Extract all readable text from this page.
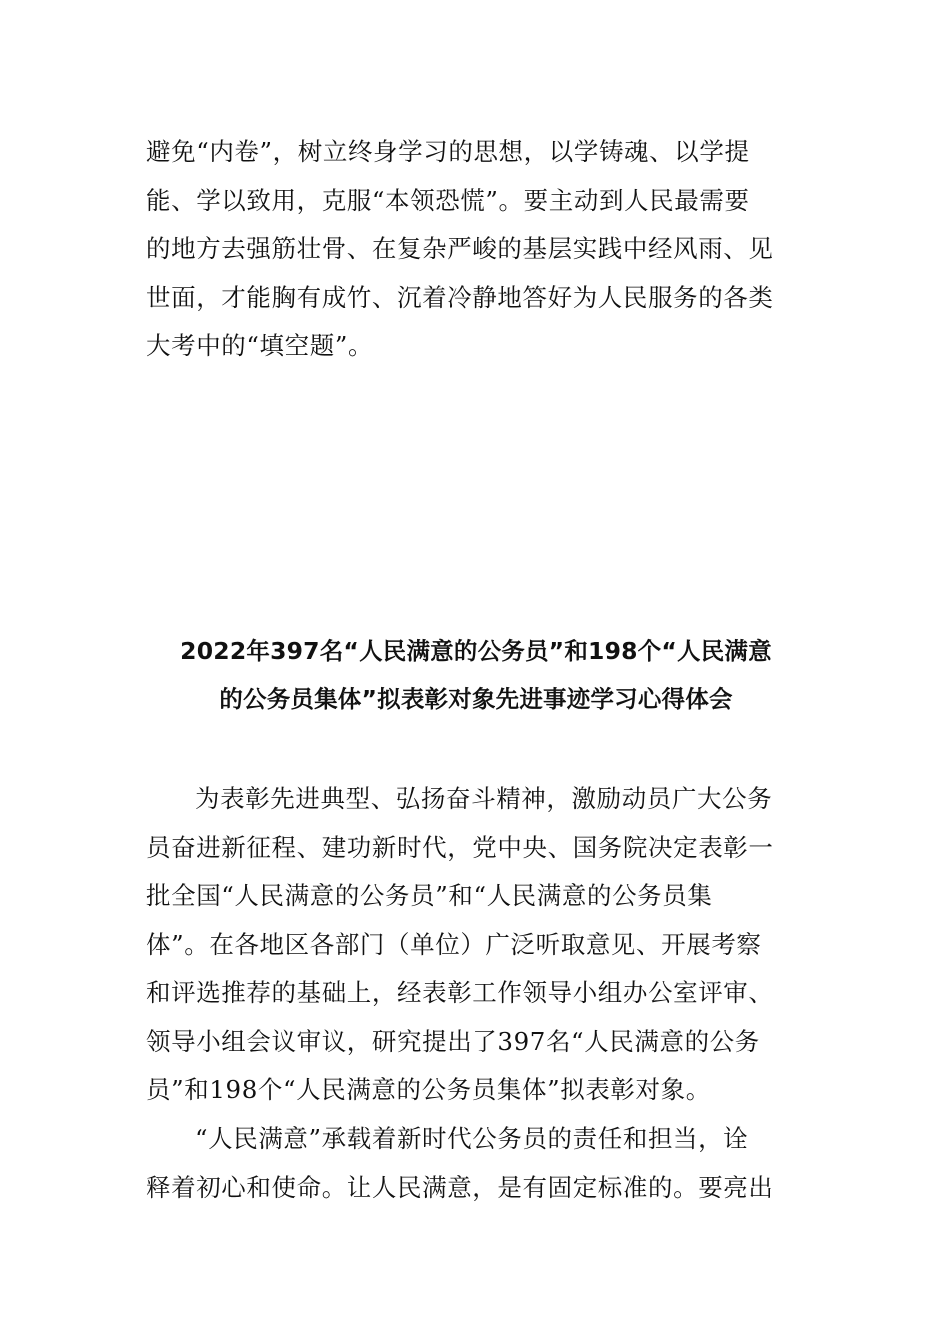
避免“内卷”，树立终身学习的思想，以学铸魂、以学提
能、学以致用，克服“本领恐慌”。要主动到人民最需要
的地方去强筋壮骨、在复杂严峻的基层实践中经风雨、见
世面，才能胸有成竹、沉着冷静地答好为人民服务的各类
大考中的“填空题”。
2022年397名“人民满意的公务员”和198个“人民满意
的公务员集体”拟表彰对象先进事迹学习心得体会
为表彰先进典型、弘扬奋斗精神，激励动员广大公务
员奋进新征程、建功新时代，党中央、国务院决定表彰一
批全国“人民满意的公务员”和“人民满意的公务员集
体”。在各地区各部门（单位）广泛听取意见、开展考察
和评选推荐的基础上，经表彰工作领导小组办公室评审、
领导小组会议审议，研究提出了397名“人民满意的公务
员”和198个“人民满意的公务员集体”拟表彰对象。
“人民满意”承载着新时代公务员的责任和担当，诠
释着初心和使命。让人民满意，是有固定标准的。要亮出
